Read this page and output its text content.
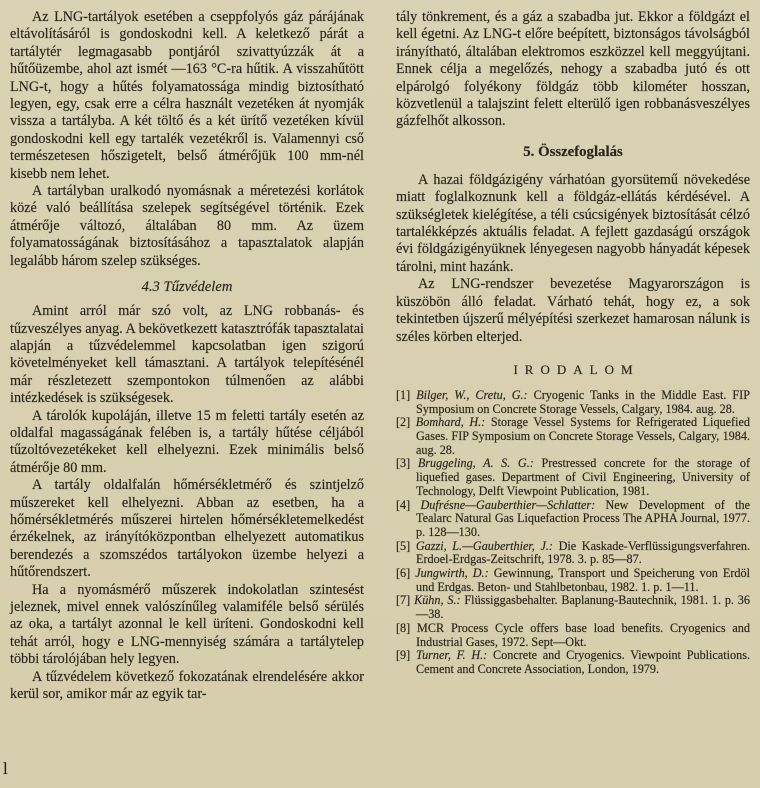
Az LNG-tartályok esetében a cseppfolyós gáz párájának eltávolításáról is gondoskodni kell. A keletkező párát a tartálytér legmagasabb pontjáról szivattyúzzák át a hűtőüzembe, ahol azt ismét —163 °C-ra hűtik. A visszahűtött LNG-t, hogy a hűtés folyamatossága mindig biztosítható legyen, egy, csak erre a célra használt vezetéken át nyomják vissza a tartályba. A két töltő és a két ürítő vezetéken kívül gondoskodni kell egy tartalék vezetékről is. Valamennyi cső természetesen hőszigetelt, belső átmérőjük 100 mm-nél kisebb nem lehet.

A tartályban uralkodó nyomásnak a méretezési korlátok közé való beállítása szelepek segítségével történik. Ezek átmérője változó, általában 80 mm. Az üzem folyamatosságának biztosításához a tapasztalatok alapján legalább három szelep szükséges.

4.3 Tűzvédelem

Amint arról már szó volt, az LNG robbanás- és tűzveszélyes anyag. A bekövetkezett katasztrófák tapasztalatai alapján a tűzvédelemmel kapcsolatban igen szigorú követelményeket kell támasztani. A tartályok telepítésénél már részletezett szempontokon túlmenően az alábbi intézkedések is szükségesek.

A tárolók kupoláján, illetve 15 m feletti tartály esetén az oldalfal magasságának felében is, a tartály hűtése céljából tűzoltóvezetékeket kell elhelyezni. Ezek minimális belső átmérője 80 mm.

A tartály oldalfalán hőmérsékletmérő és szintjelző műszereket kell elhelyezni. Abban az esetben, ha a hőmérsékletmérés műszerei hirtelen hőmérsékletemelkedést érzékelnek, az irányítóközpontban elhelyezett automatikus berendezés a szomszédos tartályokon üzembe helyezi a hűtőrendszert.

Ha a nyomásmérő műszerek indokolatlan szintesést jeleznek, mivel ennek valószínűleg valamiféle belső sérülés az oka, a tartályt azonnal le kell üríteni. Gondoskodni kell tehát arról, hogy e LNG-mennyiség számára a tartálytelep többi tárolójában hely legyen.

A tűzvédelem következő fokozatának elrendelésére akkor kerül sor, amikor már az egyik tar-

tály tönkrement, és a gáz a szabadba jut. Ekkor a földgázt el kell égetni. Az LNG-t előre beépített, biztonságos távolságból irányítható, általában elektromos eszközzel kell meggyújtani. Ennek célja a megelőzés, nehogy a szabadba jutó és ott elpárolgó folyékony földgáz több kilométer hosszan, közvetlenül a talajszint felett elterülő igen robbanásveszélyes gázfelhőt alkosson.

5. Összefoglalás

A hazai földgázigény várhatóan gyorsütemű növekedése miatt foglalkoznunk kell a földgáz-ellátás kérdésével. A szükségletek kielégítése, a téli csúcsigények biztosítását célzó tartalékképzés aktuális feladat. A fejlett gazdaságú országok évi földgázigényüknek lényegesen nagyobb hányadát képesek tárolni, mint hazánk.

Az LNG-rendszer bevezetése Magyarországon is küszöbön álló feladat. Várható tehát, hogy ez, a sok tekintetben újszerű mélyépítési szerkezet hamarosan nálunk is széles körben elterjed.

IRODALOM
[1] Bilger, W., Cretu, G.: Cryogenic Tanks in the Middle East. FIP Symposium on Concrete Storage Vessels, Calgary, 1984. aug. 28.
[2] Bomhard, H.: Storage Vessel Systems for Refrigerated Liquefied Gases. FIP Symposium on Concrete Storage Vessels, Calgary, 1984. aug. 28.
[3] Bruggeling, A. S. G.: Prestressed concrete for the storage of liquefied gases. Department of Civil Engineering, University of Technology, Delft Viewpoint Publication, 1981.
[4] Dufrésne—Gauberthier—Schlatter: New Development of the Tealarc Natural Gas Liquefaction Process The APHA Journal, 1977. p. 128—130.
[5] Gazzi, L.—Gauberthier, J.: Die Kaskade-Verflüssigungsverfahren. Erdoel-Erdgas-Zeitschrift, 1978. 3. p. 85—87.
[6] Jungwirth, D.: Gewinnung, Transport und Speicherung von Erdöl und Erdgas. Beton- und Stahlbetonbau, 1982. 1. p. 1—11.
[7] Kühn, S.: Flüssiggasbehalter. Baplanung-Bautechnik, 1981. 1. p. 36—38.
[8] MCR Process Cycle offers base load benefits. Cryogenics and Industrial Gases, 1972. Sept—Okt.
[9] Turner, F. H.: Concrete and Cryogenics. Viewpoint Publications. Cement and Concrete Association, London, 1979.
l
